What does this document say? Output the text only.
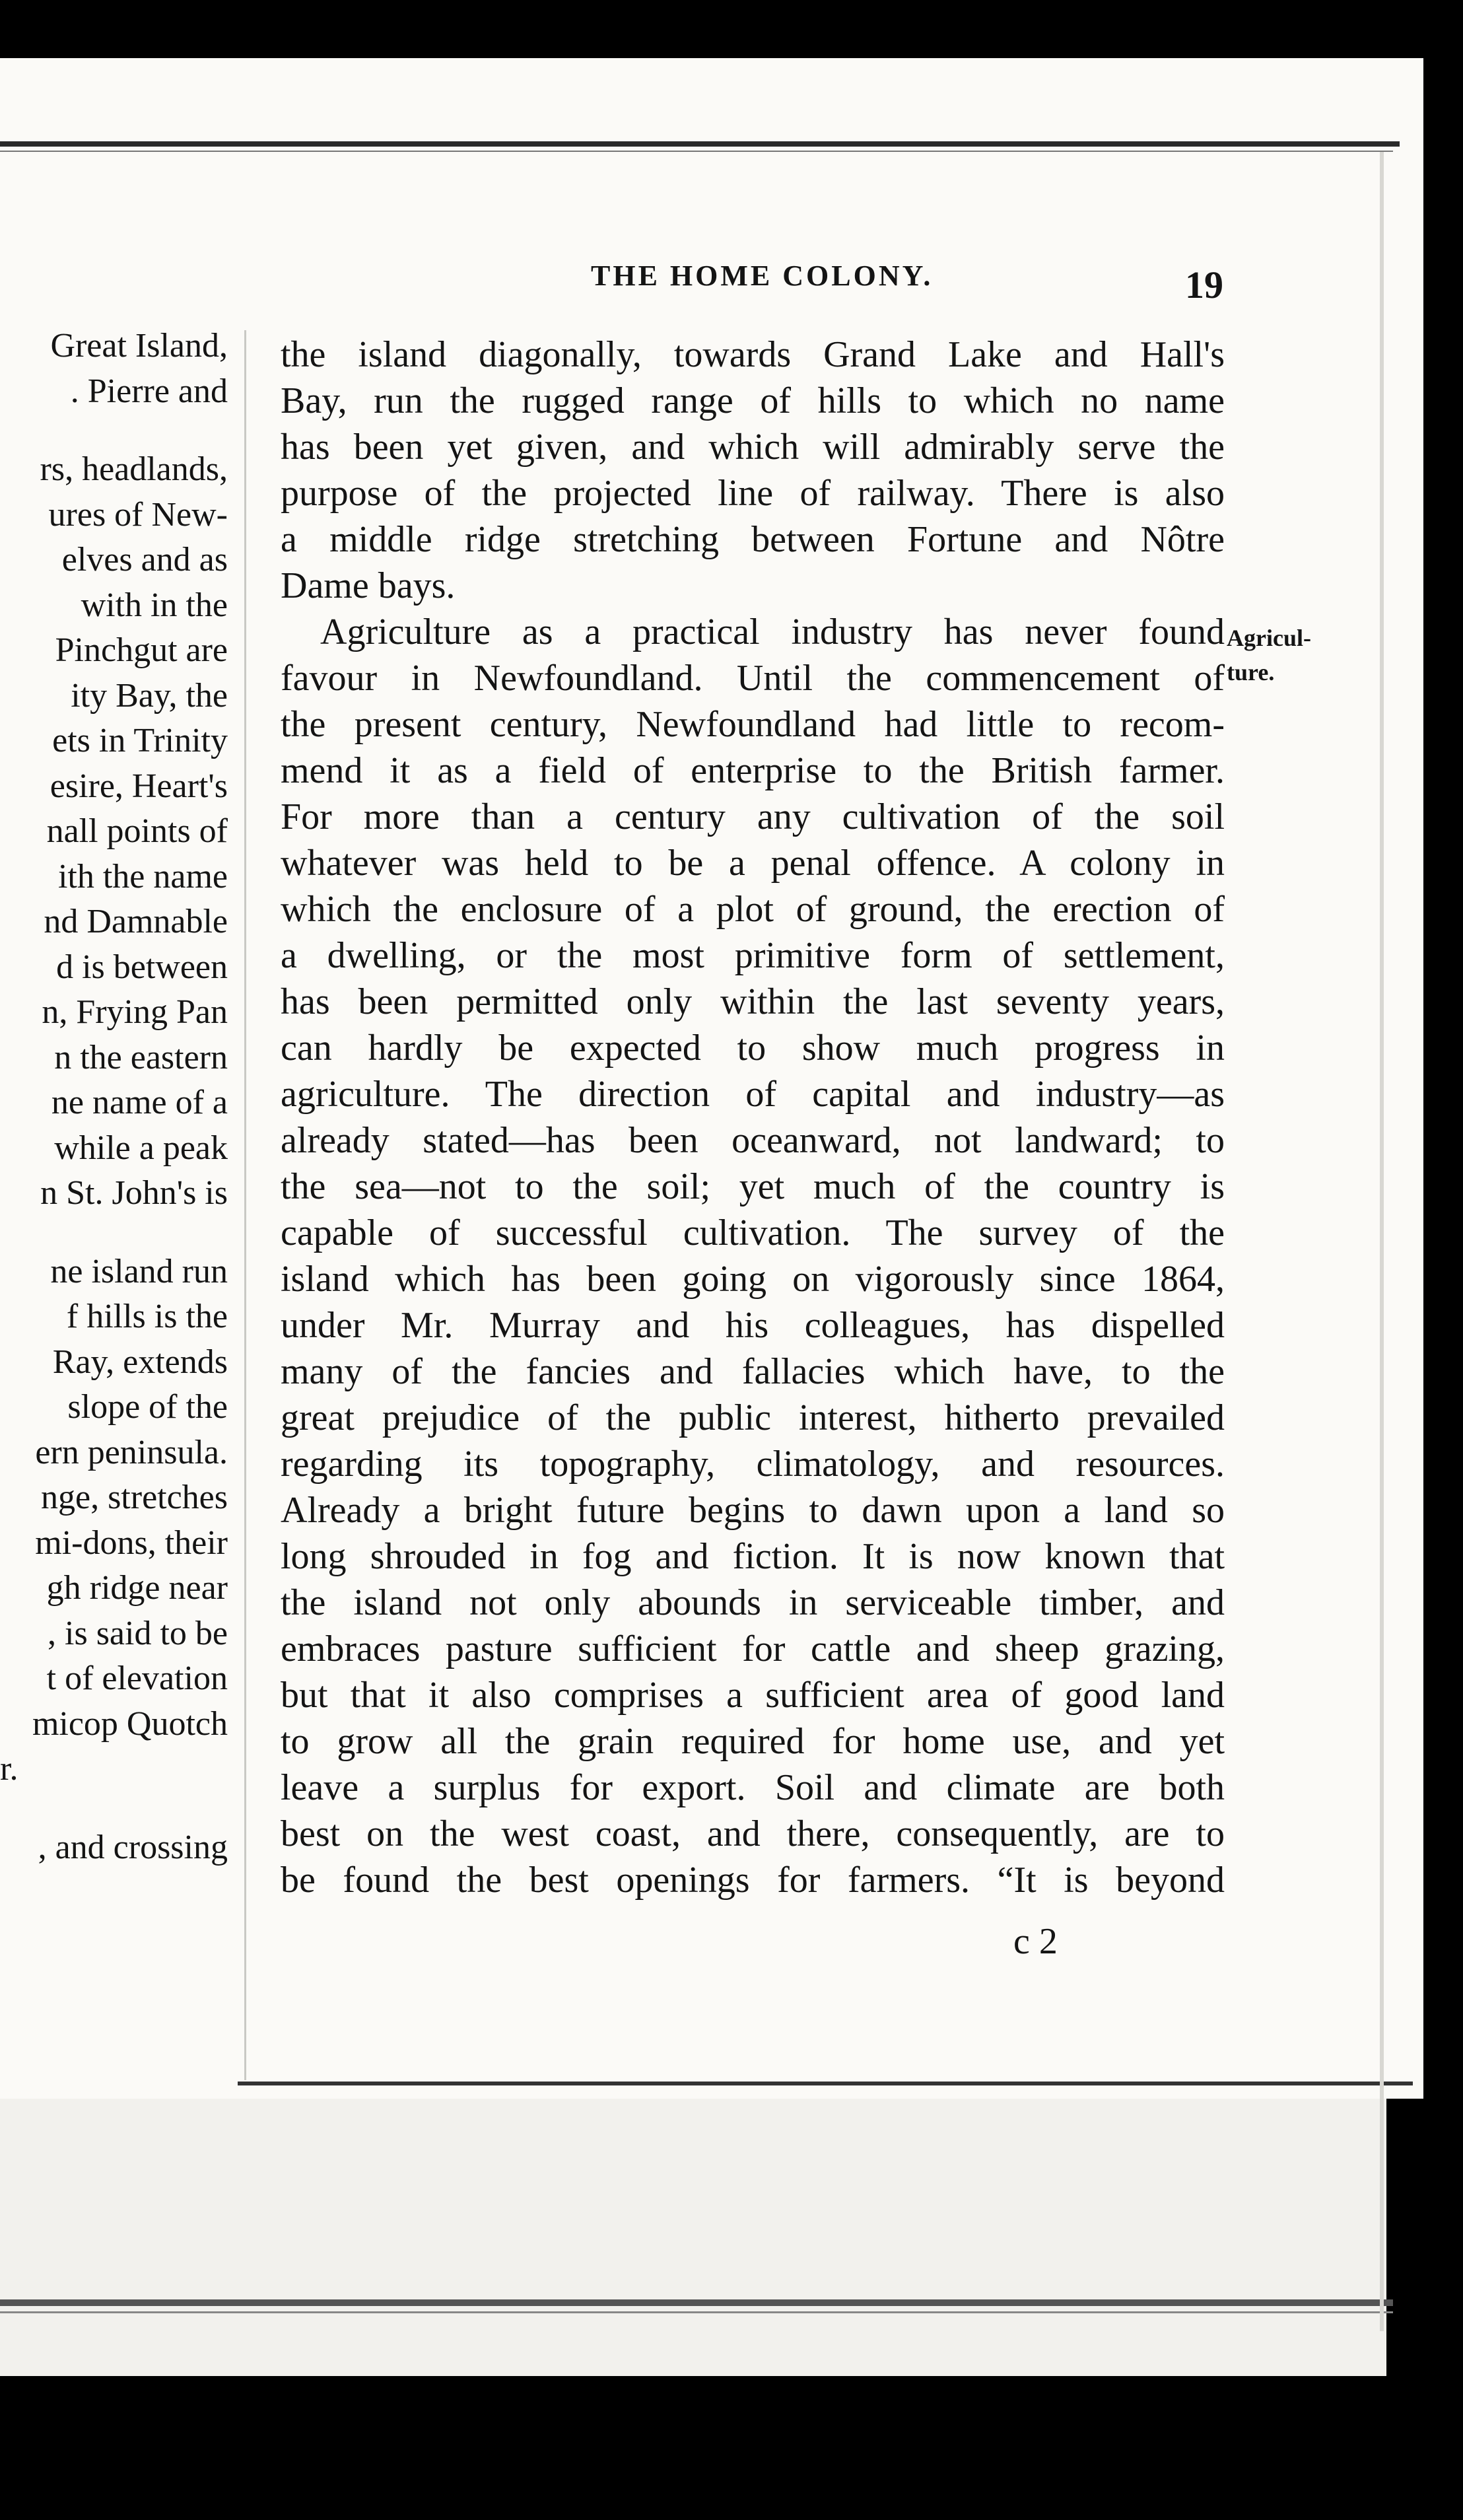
THE HOME COLONY.	19
Agricul-
ture.
Great Island,
. Pierre and
rs, headlands,
ures of New-
elves and as
with in the
Pinchgut are
ity Bay, the
ets in Trinity
esire, Heart's
nall points of
ith the name
nd Damnable
d is between
n, Frying Pan
n the eastern
ne name of a
while a peak
n St. John's is
ne island run
f hills is the
Ray, extends
slope of the
ern peninsula.
nge, stretches
mi-dons, their
gh ridge near
, is said to be
t of elevation
micop Quotch
r.
, and crossing
the island diagonally, towards Grand Lake and Hall's
Bay, run the rugged range of hills to which no name
has been yet given, and which will admirably serve the
purpose of the projected line of railway. There is also
a middle ridge stretching between Fortune and Nôtre
Dame bays.
Agriculture as a practical industry has never found
favour in Newfoundland. Until the commencement of
the present century, Newfoundland had little to recom-
mend it as a field of enterprise to the British farmer.
For more than a century any cultivation of the soil
whatever was held to be a penal offence. A colony in
which the enclosure of a plot of ground, the erection of
a dwelling, or the most primitive form of settlement,
has been permitted only within the last seventy years,
can hardly be expected to show much progress in
agriculture. The direction of capital and industry—as
already stated—has been oceanward, not landward; to
the sea—not to the soil; yet much of the country is
capable of successful cultivation. The survey of the
island which has been going on vigorously since 1864,
under Mr. Murray and his colleagues, has dispelled
many of the fancies and fallacies which have, to the
great prejudice of the public interest, hitherto prevailed
regarding its topography, climatology, and resources.
Already a bright future begins to dawn upon a land so
long shrouded in fog and fiction. It is now known that
the island not only abounds in serviceable timber, and
embraces pasture sufficient for cattle and sheep grazing,
but that it also comprises a sufficient area of good land
to grow all the grain required for home use, and yet
leave a surplus for export. Soil and climate are both
best on the west coast, and there, consequently, are to
be found the best openings for farmers. “It is beyond
c 2
